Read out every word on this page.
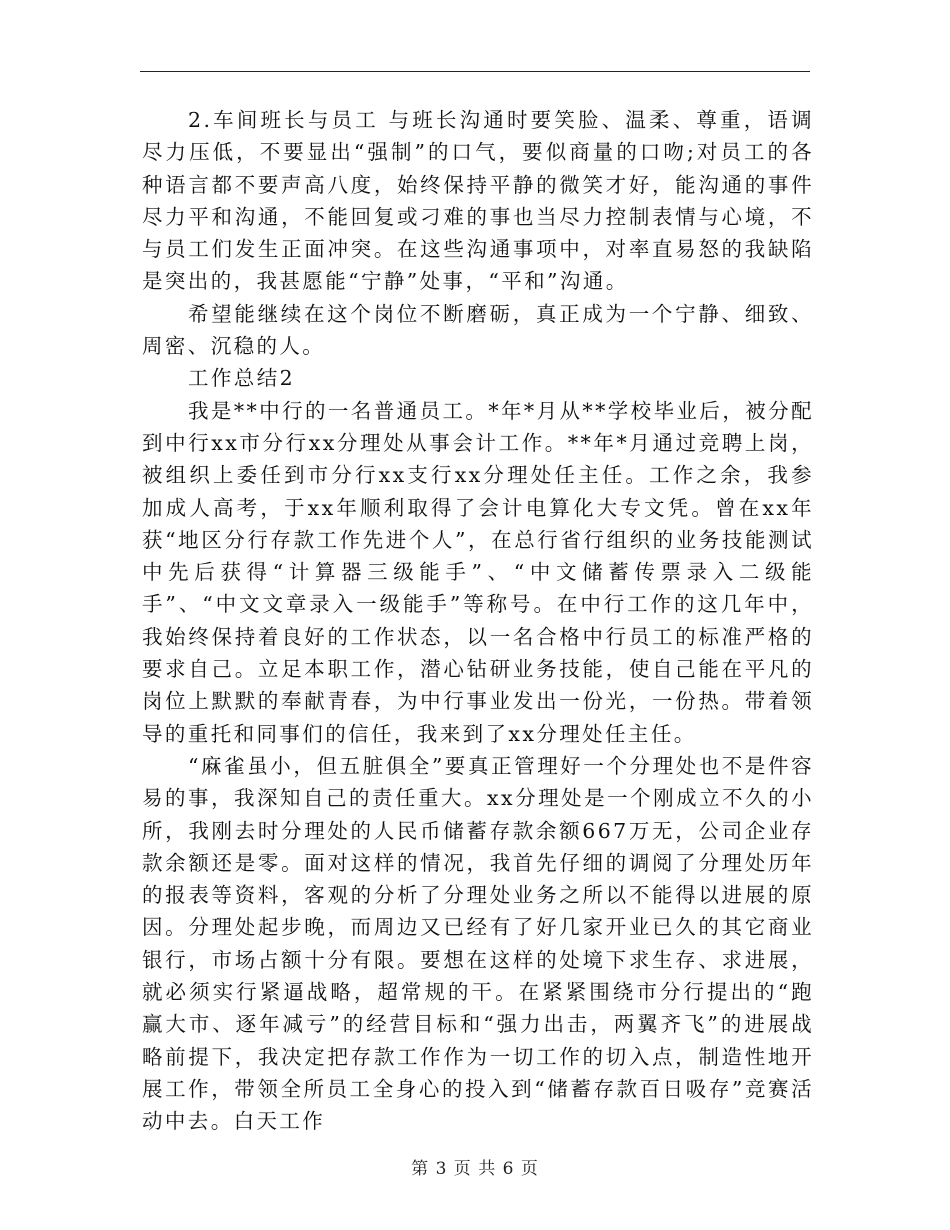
2.车间班长与员工 与班长沟通时要笑脸、温柔、尊重，语调尽力压低，不要显出“强制”的口气，要似商量的口吻;对员工的各种语言都不要声高八度，始终保持平静的微笑才好，能沟通的事件尽力平和沟通，不能回复或刁难的事也当尽力控制表情与心境，不与员工们发生正面冲突。在这些沟通事项中，对率直易怒的我缺陷是突出的，我甚愿能“宁静”处事，“平和”沟通。

希望能继续在这个岗位不断磨砺，真正成为一个宁静、细致、周密、沉稳的人。

工作总结2

我是**中行的一名普通员工。*年*月从**学校毕业后，被分配到中行xx市分行xx分理处从事会计工作。**年*月通过竞聘上岗，被组织上委任到市分行xx支行xx分理处任主任。工作之余，我参加成人高考，于xx年顺利取得了会计电算化大专文凭。曾在xx年获“地区分行存款工作先进个人”，在总行省行组织的业务技能测试中先后获得“计算器三级能手”、“中文储蓄传票录入二级能手”、“中文文章录入一级能手”等称号。在中行工作的这几年中，我始终保持着良好的工作状态，以一名合格中行员工的标准严格的要求自己。立足本职工作，潜心钻研业务技能，使自己能在平凡的岗位上默默的奉献青春，为中行事业发出一份光，一份热。带着领导的重托和同事们的信任，我来到了xx分理处任主任。

“麻雀虽小，但五脏俱全”要真正管理好一个分理处也不是件容易的事，我深知自己的责任重大。xx分理处是一个刚成立不久的小所，我刚去时分理处的人民币储蓄存款余额667万无，公司企业存款余额还是零。面对这样的情况，我首先仔细的调阅了分理处历年的报表等资料，客观的分析了分理处业务之所以不能得以进展的原因。分理处起步晚，而周边又已经有了好几家开业已久的其它商业银行，市场占额十分有限。要想在这样的处境下求生存、求进展，就必须实行紧逼战略，超常规的干。在紧紧围绕市分行提出的“跑赢大市、逐年减亏”的经营目标和“强力出击，两翼齐飞”的进展战略前提下，我决定把存款工作作为一切工作的切入点，制造性地开展工作，带领全所员工全身心的投入到“储蓄存款百日吸存”竞赛活动中去。白天工作

第 3 页 共 6 页
